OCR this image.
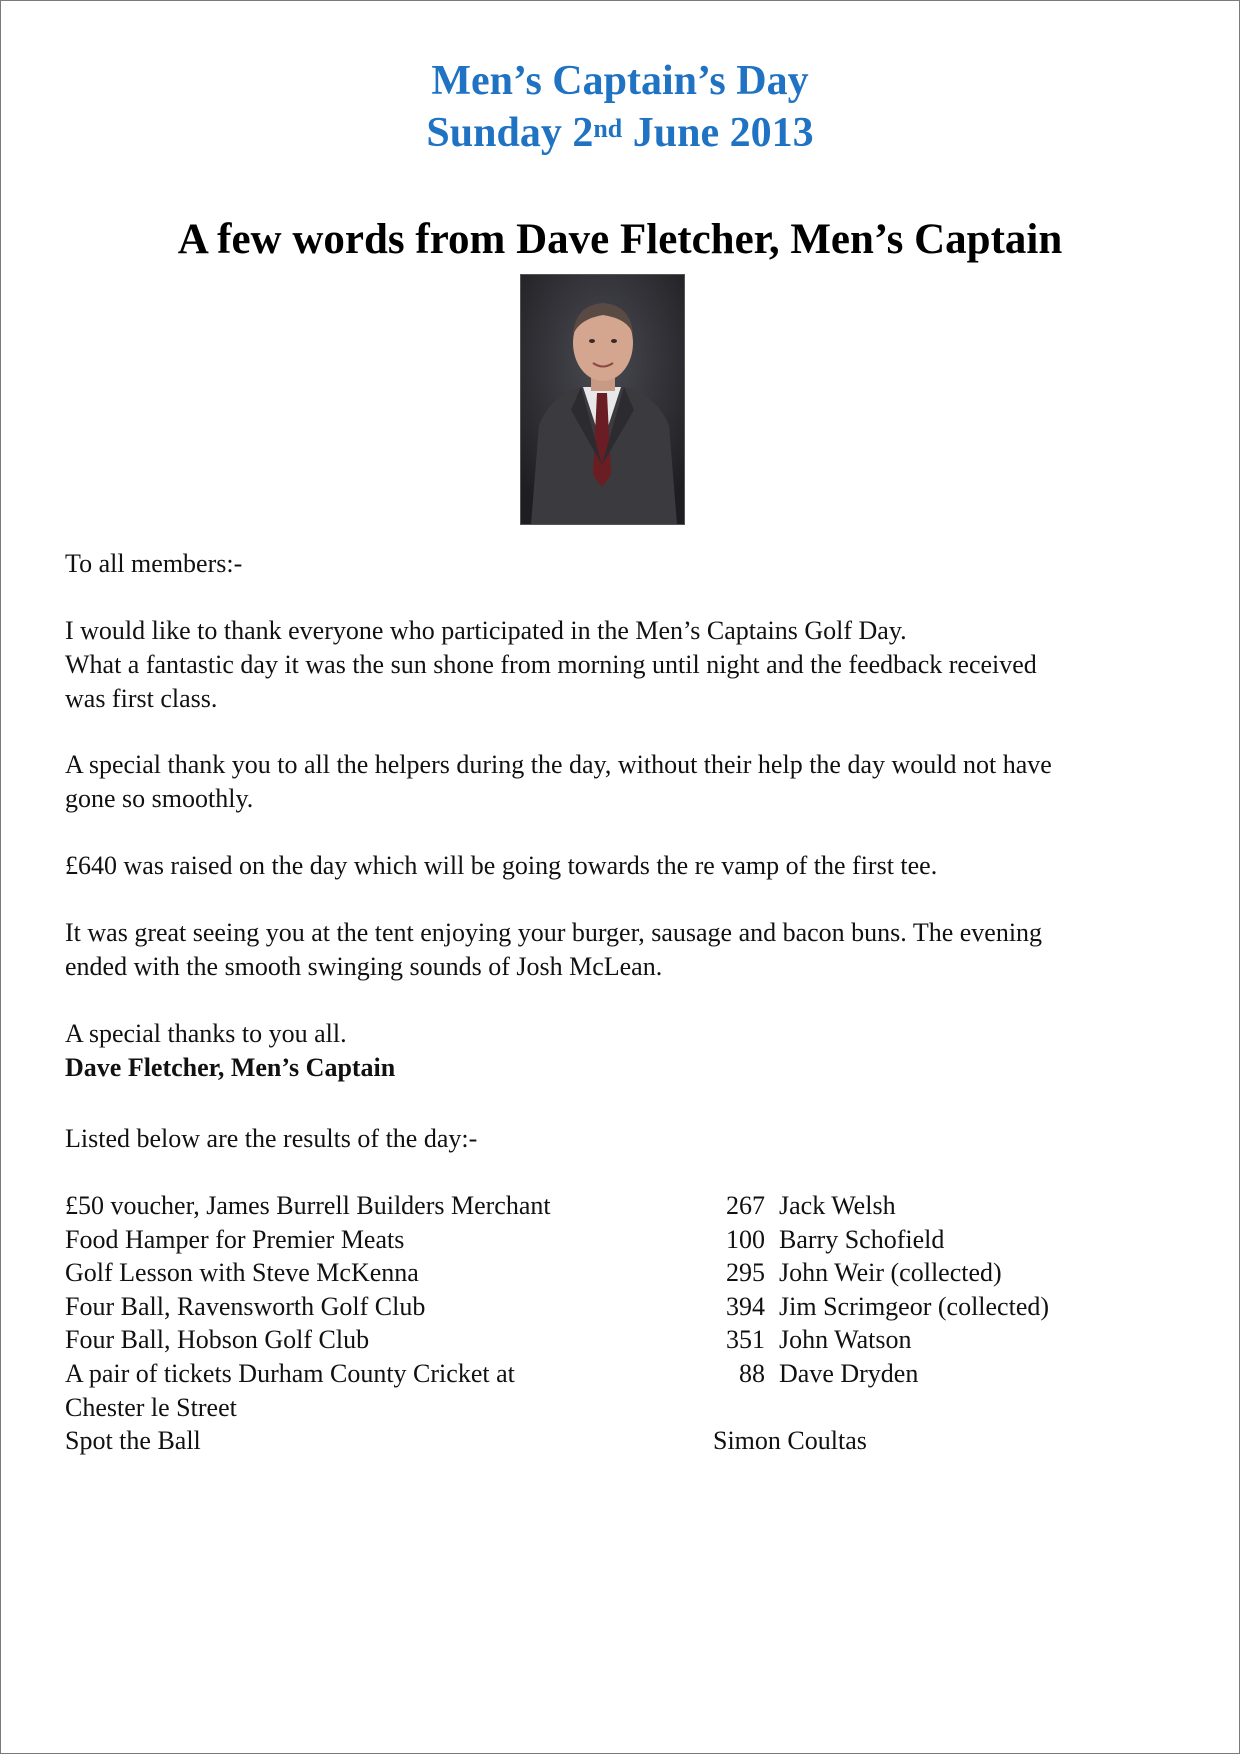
Men’s Captain’s Day
Sunday 2nd June 2013
A few words from Dave Fletcher, Men’s Captain

To all members:-

I would like to thank everyone who participated in the Men’s Captains Golf Day.
What a fantastic day it was the sun shone from morning until night and the feedback received
was first class.
A special thank you to all the helpers during the day, without their help the day would not have
gone so smoothly.

£640 was raised on the day which will be going towards the re vamp of the first tee.

It was great seeing you at the tent enjoying your burger, sausage and bacon buns. The evening
ended with the smooth swinging sounds of Josh McLean.
A special thanks to you all.
Dave Fletcher, Men’s Captain

Listed below are the results of the day:-

£50 voucher, James Burrell Builders Merchant	267 Jack Welsh
Food Hamper for Premier Meats	100 Barry Schofield
Golf Lesson with Steve McKenna	295 John Weir (collected)
Four Ball, Ravensworth Golf Club	394 Jim Scrimgeor (collected)
Four Ball, Hobson Golf Club	351 John Watson
A pair of tickets Durham County Cricket at	88 Dave Dryden
Chester le Street
Spot the Ball	Simon Coultas
